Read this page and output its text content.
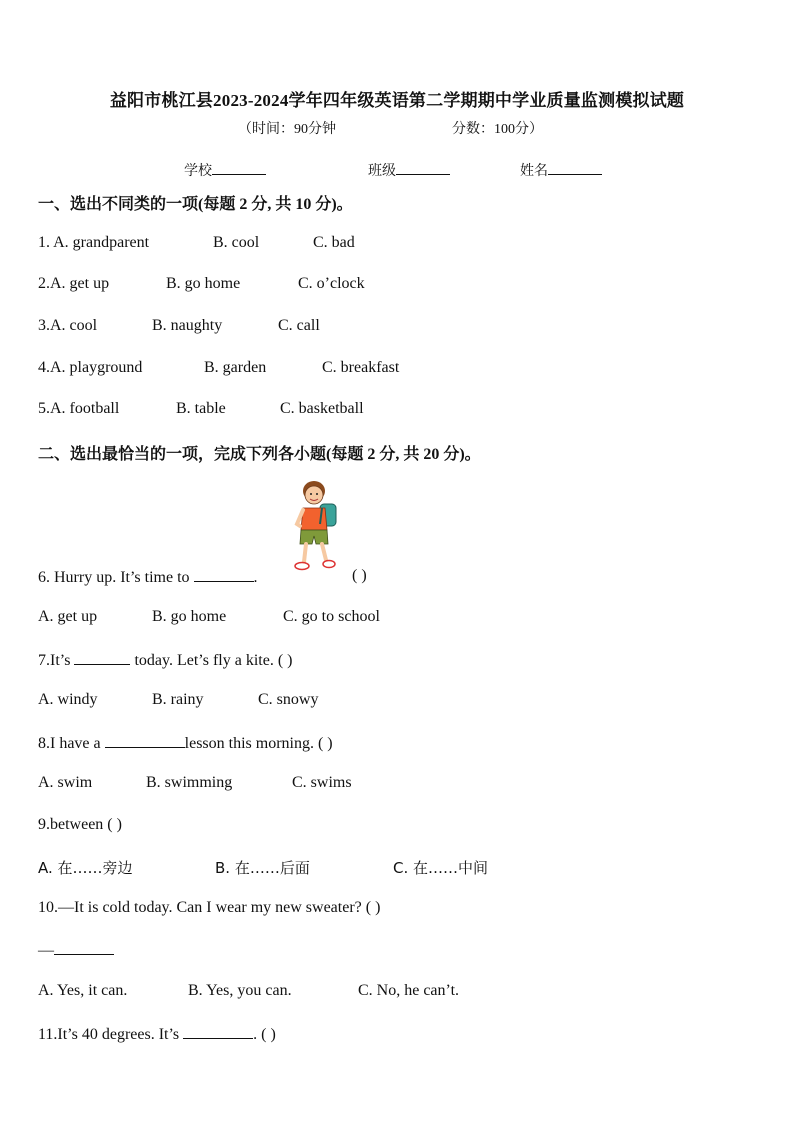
益阳市桃江县2023-2024学年四年级英语第二学期期中学业质量监测模拟试题
（时间：90分钟	分数：100分）
学校	班级	姓名
一、选出不同类的一项(每题 2 分, 共 10 分)。
1. A. grandparent	B. cool	C. bad
2.A. get up	B. go home	C. o’clock
3.A. cool	B. naughty	C. call
4.A. playground	B. garden	C. breakfast
5.A. football	B. table	C. basketball
二、选出最恰当的一项，完成下列各小题(每题 2 分, 共 20 分)。
6. Hurry up. It’s time to	.	( )
A. get up	B. go home	C. go to school
7.It’s	today. Let’s fly a kite. ( )
A. windy	B. rainy	C. snowy
8.I have a	lesson this morning. ( )
A. swim	B. swimming	C. swims
9.between ( )
A. 在……旁边	B. 在……后面	C. 在……中间
10.—It is cold today. Can I wear my new sweater? ( )
—
A. Yes, it can.	B. Yes, you can.	C. No, he can’t.
11.It’s 40 degrees. It’s	. ( )
